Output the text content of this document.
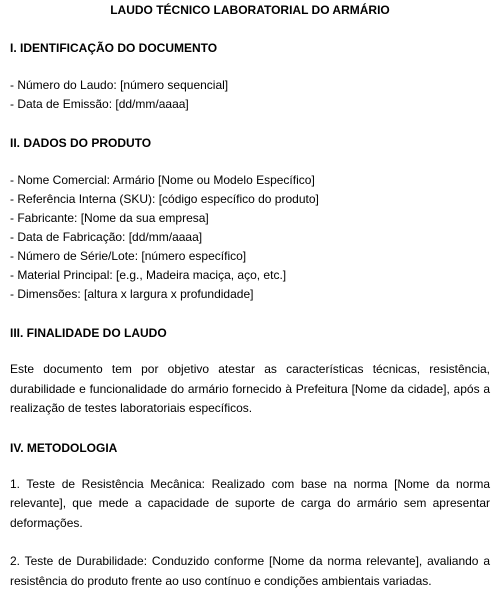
LAUDO TÉCNICO LABORATORIAL DO ARMÁRIO
I. IDENTIFICAÇÃO DO DOCUMENTO
- Número do Laudo: [número sequencial]
- Data de Emissão: [dd/mm/aaaa]
II. DADOS DO PRODUTO
- Nome Comercial: Armário [Nome ou Modelo Específico]
- Referência Interna (SKU): [código específico do produto]
- Fabricante: [Nome da sua empresa]
- Data de Fabricação: [dd/mm/aaaa]
- Número de Série/Lote: [número específico]
- Material Principal: [e.g., Madeira maciça, aço, etc.]
- Dimensões: [altura x largura x profundidade]
III. FINALIDADE DO LAUDO

Este documento tem por objetivo atestar as características técnicas, resistência, durabilidade e funcionalidade do armário fornecido à Prefeitura [Nome da cidade], após a realização de testes laboratoriais específicos.

IV. METODOLOGIA

1. Teste de Resistência Mecânica: Realizado com base na norma [Nome da norma relevante], que mede a capacidade de suporte de carga do armário sem apresentar deformações.

2. Teste de Durabilidade: Conduzido conforme [Nome da norma relevante], avaliando a resistência do produto frente ao uso contínuo e condições ambientais variadas.
